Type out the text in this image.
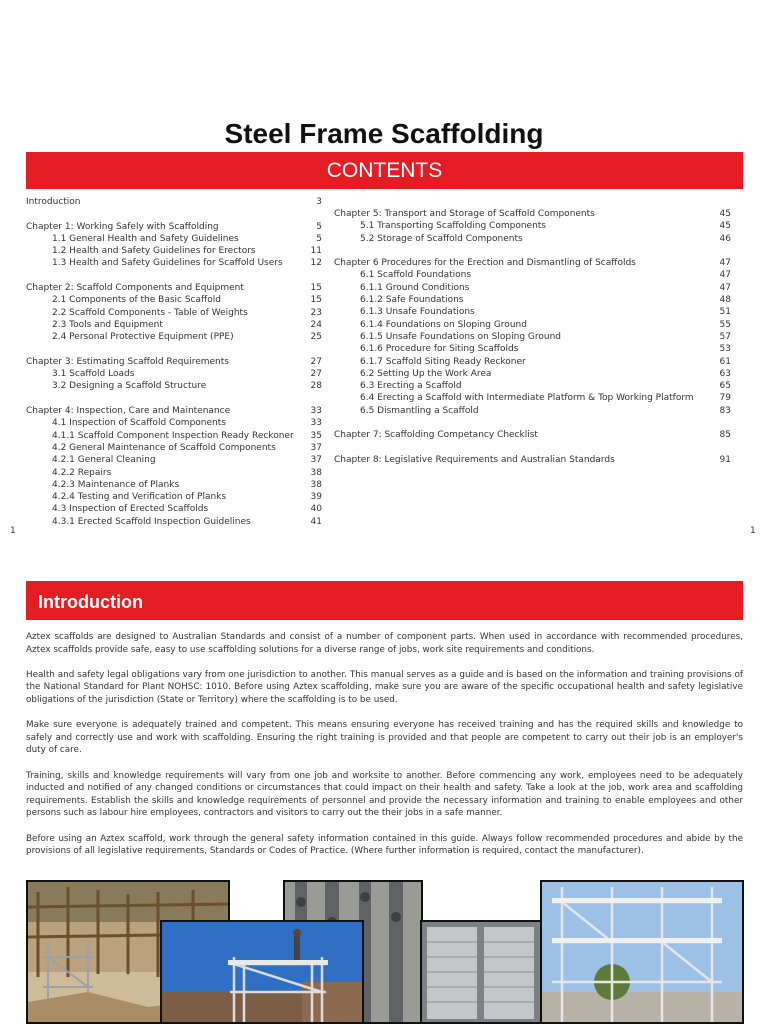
Steel Frame Scaffolding
CONTENTS
Introduction	3
Chapter 1: Working Safely with Scaffolding	5
1.1 General Health and Safety Guidelines	5
1.2 Health and Safety Guidelines for Erectors	11
1.3 Health and Safety Guidelines for Scaffold Users	12
Chapter 2: Scaffold Components and Equipment	15
2.1 Components of the Basic Scaffold	15
2.2 Scaffold Components - Table of Weights	23
2.3 Tools and Equipment	24
2.4 Personal Protective Equipment (PPE)	25
Chapter 3: Estimating Scaffold Requirements	27
3.1 Scaffold Loads	27
3.2 Designing a Scaffold Structure	28
Chapter 4: Inspection, Care and Maintenance	33
4.1 Inspection of Scaffold Components	33
4.1.1 Scaffold Component Inspection Ready Reckoner 35
4.2 General Maintenance of Scaffold Components	37
4.2.1 General Cleaning	37
4.2.2 Repairs	38
4.2.3 Maintenance of Planks	38
4.2.4 Testing and Verification of Planks	39
4.3 Inspection of Erected Scaffolds	40
4.3.1 Erected Scaffold Inspection Guidelines	41
Chapter 5: Transport and Storage of Scaffold Components	45
5.1 Transporting Scaffolding Components	45
5.2 Storage of Scaffold Components	46
Chapter 6 Procedures for the Erection and Dismantling of Scaffolds	47
6.1 Scaffold Foundations	47
6.1.1 Ground Conditions	47
6.1.2 Safe Foundations	48
6.1.3 Unsafe Foundations	51
6.1.4 Foundations on Sloping Ground	55
6.1.5 Unsafe Foundations on Sloping Ground	57
6.1.6 Procedure for Siting Scaffolds	53
6.1.7 Scaffold Siting Ready Reckoner	61
6.2 Setting Up the Work Area	63
6.3 Erecting a Scaffold	65
6.4 Erecting a Scaffold with Intermediate Platform & Top Working Platform	79
6.5 Dismantling a Scaffold	83
Chapter 7: Scaffolding Competancy Checklist	85
Chapter 8: Legislative Requirements and Australian Standards	91
1	1
Introduction

Aztex scaffolds are designed to Australian Standards and consist of a number of component parts. When used in accordance with recommended procedures, Aztex scaffolds provide safe, easy to use scaffolding solutions for a diverse range of jobs, work site requirements and conditions.

Health and safety legal obligations vary from one jurisdiction to another. This manual serves as a guide and is based on the information and training provisions of the National Standard for Plant NOHSC: 1010. Before using Aztex scaffolding, make sure you are aware of the specific occupational health and safety legislative obligations of the jurisdiction (State or Territory) where the scaffolding is to be used.

Make sure everyone is adequately trained and competent. This means ensuring everyone has received training and has the required skills and knowledge to safely and correctly use and work with scaffolding. Ensuring the right training is provided and that people are competent to carry out their job is an employer's duty of care.

Training, skills and knowledge requirements will vary from one job and worksite to another. Before commencing any work, employees need to be adequately inducted and notified of any changed conditions or circumstances that could impact on their health and safety. Take a look at the job, work area and scaffolding requirements. Establish the skills and knowledge requirements of personnel and provide the necessary information and training to enable employees and other persons such as labour hire employees, contractors and visitors to carry out the their jobs in a safe manner.

Before using an Aztex scaffold, work through the general safety information contained in this guide. Always follow recommended procedures and abide by the provisions of all legislative requirements, Standards or Codes of Practice. (Where further information is required, contact the manufacturer).
